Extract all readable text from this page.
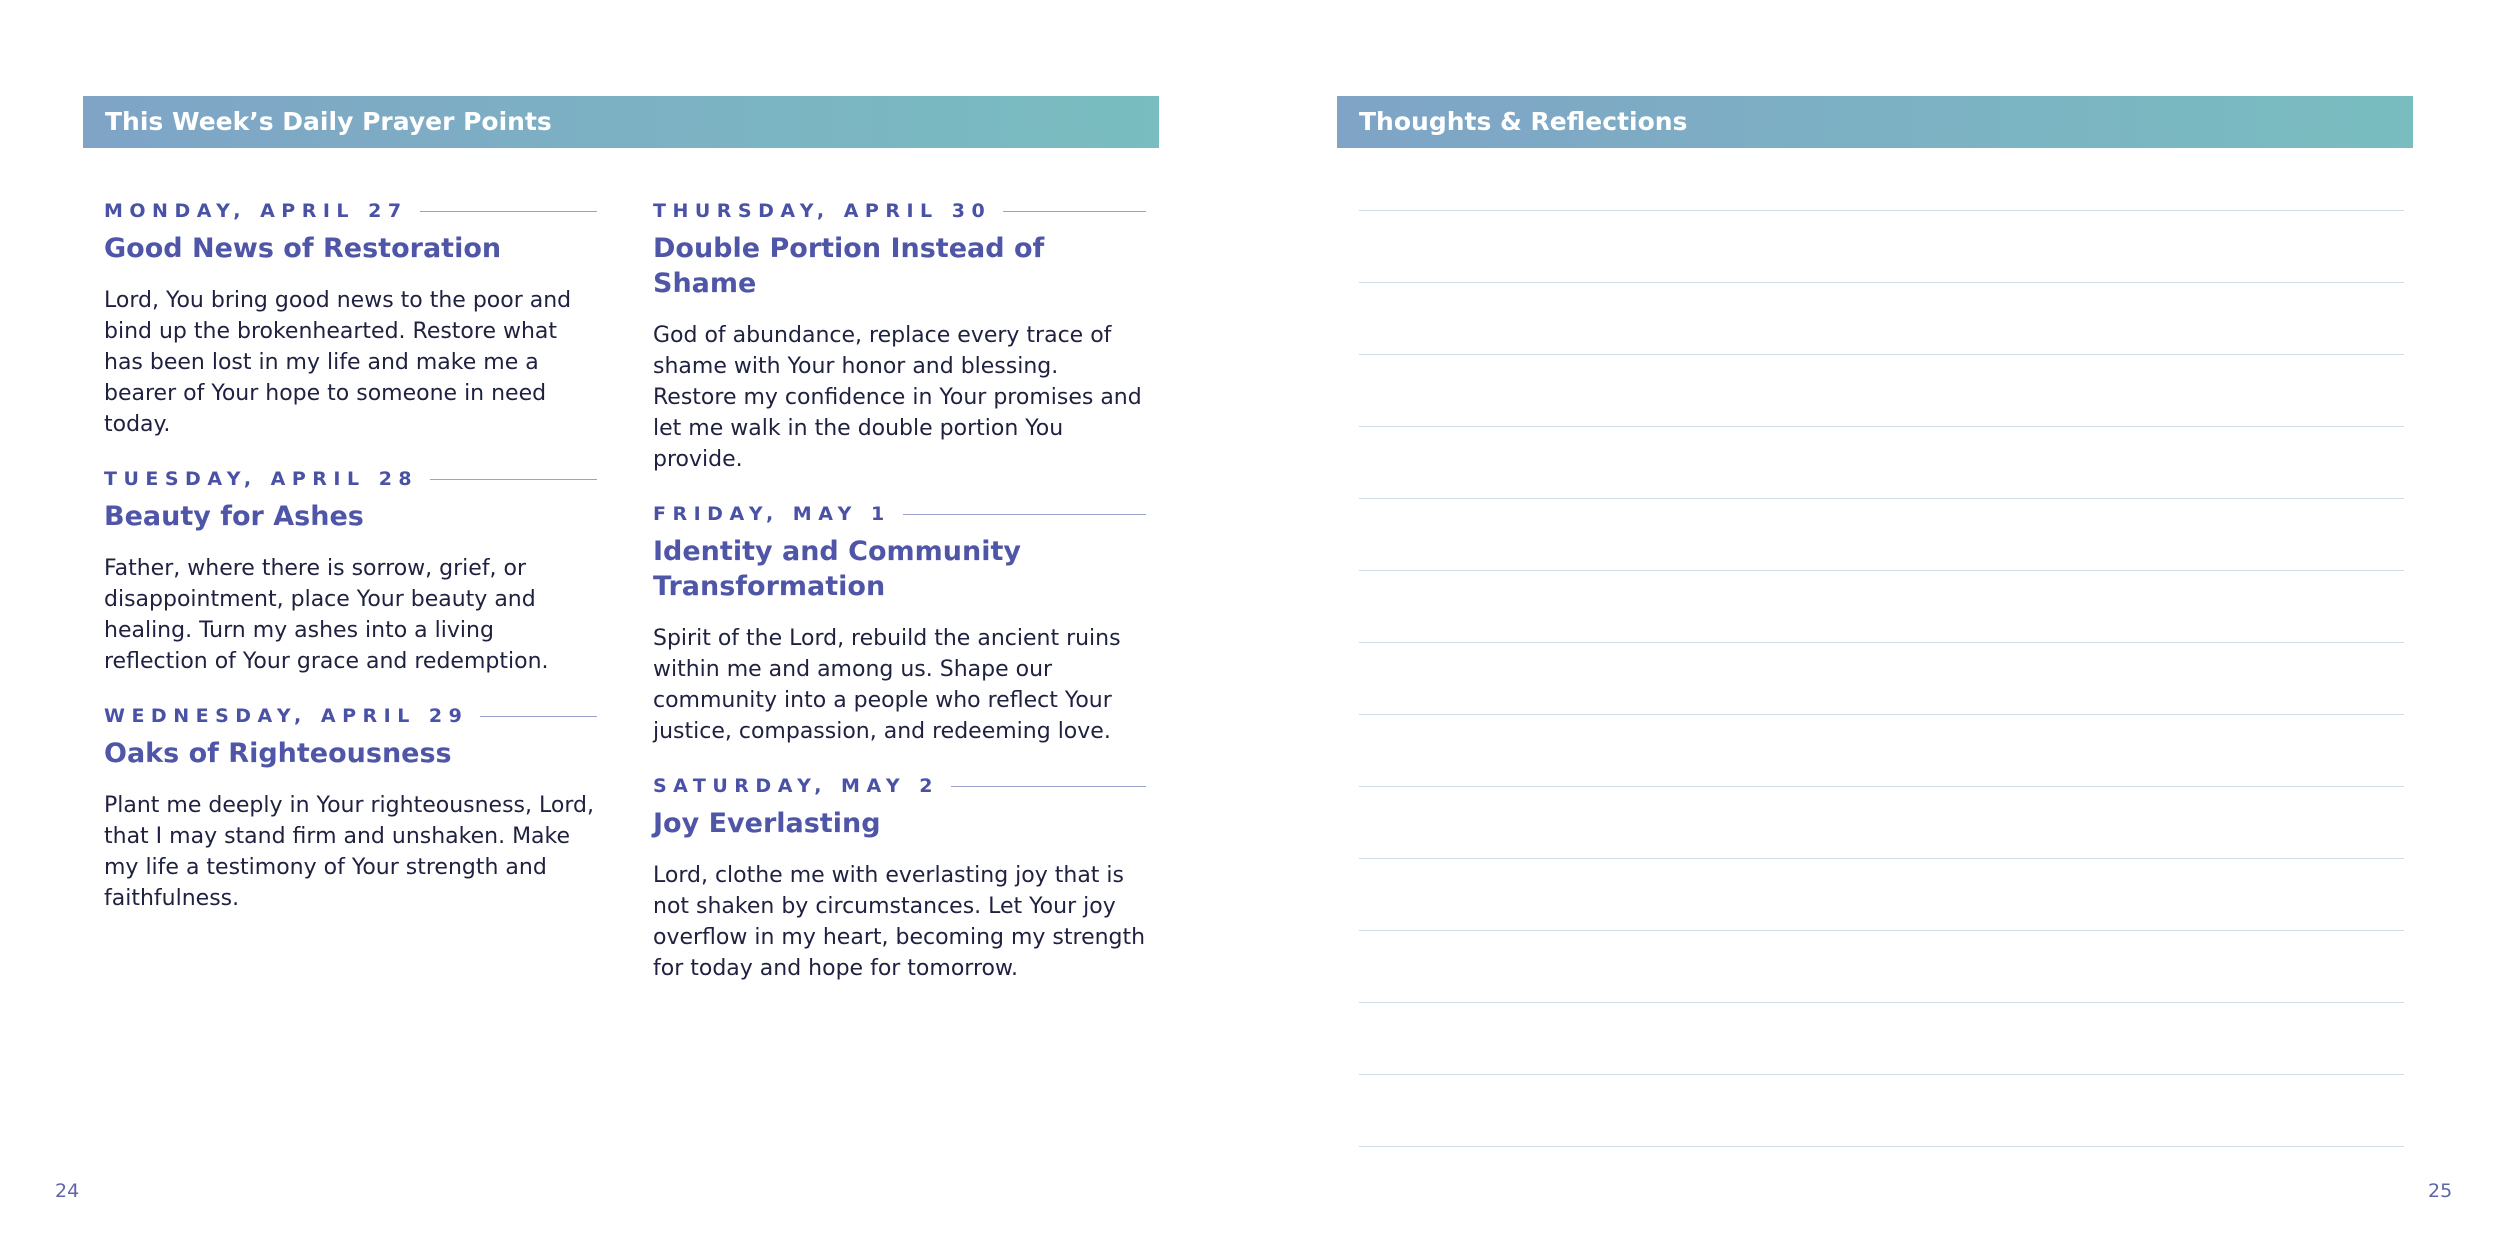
This Week’s Daily Prayer Points
MONDAY, APRIL 27
Good News of Restoration
Lord, You bring good news to the poor and bind up the brokenhearted. Restore what has been lost in my life and make me a bearer of Your hope to someone in need today.
TUESDAY, APRIL 28
Beauty for Ashes
Father, where there is sorrow, grief, or disappointment, place Your beauty and healing. Turn my ashes into a living reflection of Your grace and redemption.
WEDNESDAY, APRIL 29
Oaks of Righteousness
Plant me deeply in Your righteousness, Lord, that I may stand firm and unshaken. Make my life a testimony of Your strength and faithfulness.
THURSDAY, APRIL 30
Double Portion Instead of Shame
God of abundance, replace every trace of shame with Your honor and blessing. Restore my confidence in Your promises and let me walk in the double portion You provide.
FRIDAY, MAY 1
Identity and Community Transformation
Spirit of the Lord, rebuild the ancient ruins within me and among us. Shape our community into a people who reflect Your justice, compassion, and redeeming love.
SATURDAY, MAY 2
Joy Everlasting
Lord, clothe me with everlasting joy that is not shaken by circumstances. Let Your joy overflow in my heart, becoming my strength for today and hope for tomorrow.
24
Thoughts & Reflections
25
